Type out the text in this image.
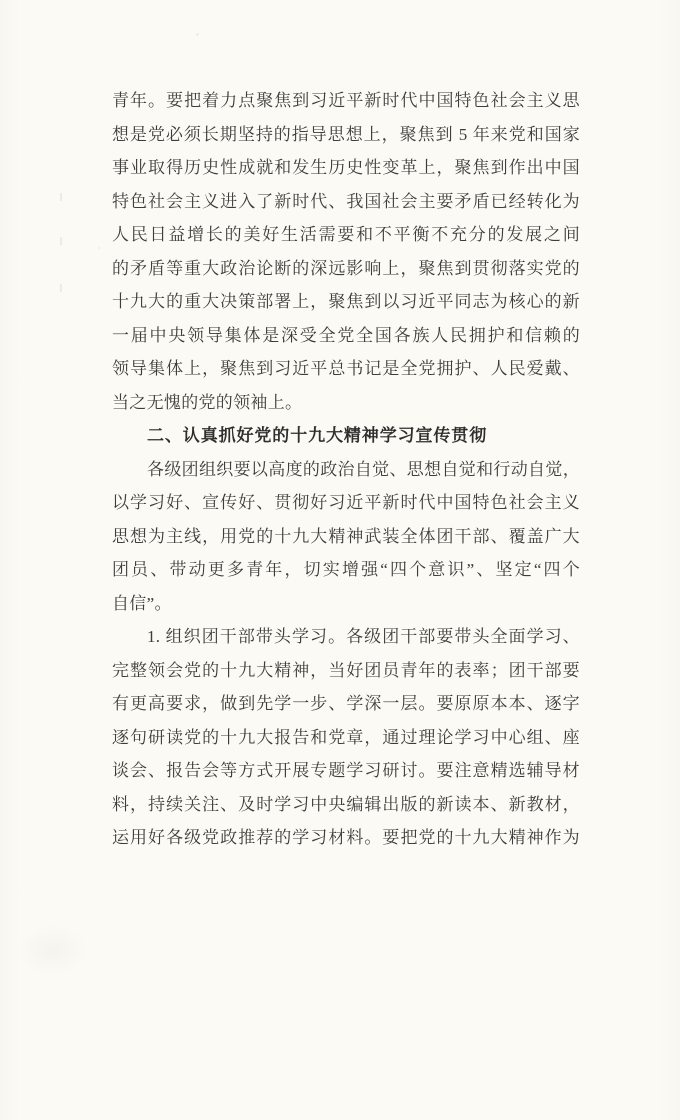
青年。要把着力点聚焦到习近平新时代中国特色社会主义思
想是党必须长期坚持的指导思想上，聚焦到 5 年来党和国家
事业取得历史性成就和发生历史性变革上，聚焦到作出中国
特色社会主义进入了新时代、我国社会主要矛盾已经转化为
人民日益增长的美好生活需要和不平衡不充分的发展之间
的矛盾等重大政治论断的深远影响上，聚焦到贯彻落实党的
十九大的重大决策部署上，聚焦到以习近平同志为核心的新
一届中央领导集体是深受全党全国各族人民拥护和信赖的
领导集体上，聚焦到习近平总书记是全党拥护、人民爱戴、
当之无愧的党的领袖上。
二、认真抓好党的十九大精神学习宣传贯彻
各级团组织要以高度的政治自觉、思想自觉和行动自觉，
以学习好、宣传好、贯彻好习近平新时代中国特色社会主义
思想为主线，用党的十九大精神武装全体团干部、覆盖广大
团员、带动更多青年，切实增强“四个意识”、坚定“四个
自信”。
1. 组织团干部带头学习。各级团干部要带头全面学习、
完整领会党的十九大精神，当好团员青年的表率；团干部要
有更高要求，做到先学一步、学深一层。要原原本本、逐字
逐句研读党的十九大报告和党章，通过理论学习中心组、座
谈会、报告会等方式开展专题学习研讨。要注意精选辅导材
料，持续关注、及时学习中央编辑出版的新读本、新教材，
运用好各级党政推荐的学习材料。要把党的十九大精神作为
